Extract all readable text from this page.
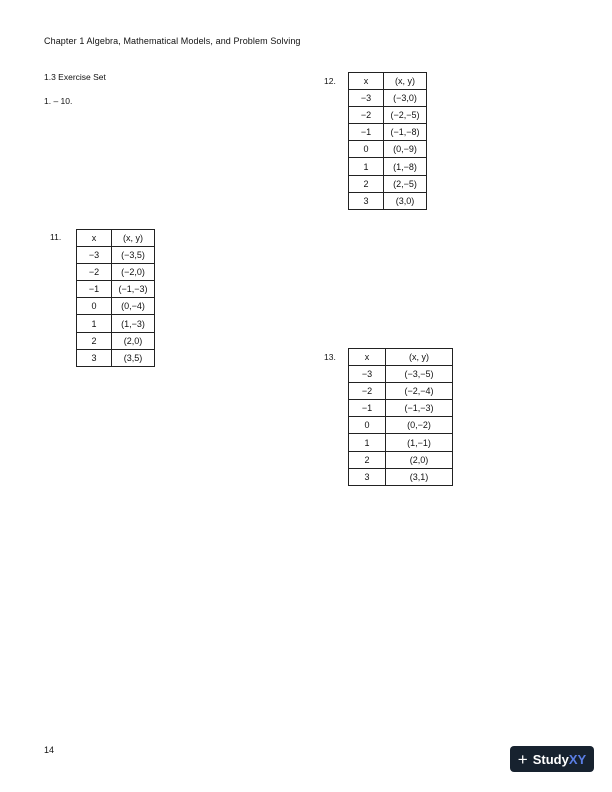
Chapter 1 Algebra, Mathematical Models, and Problem Solving
1.3 Exercise Set
1. – 10.
11.	x	(x, y)
−3	(−3,5)
−2	(−2,0)
−1	(−1,−3)
0	(0,−4)
1	(1,−3)
2	(2,0)
3	(3,5)
12.	x	(x, y)
−3	(−3,0)
−2	(−2,−5)
−1	(−1,−8)
0	(0,−9)
1	(1,−8)
2	(2,−5)
3	(3,0)
13.	x	(x, y)
−3	(−3,−5)
−2	(−2,−4)
−1	(−1,−3)
0	(0,−2)
1	(1,−1)
2	(2,0)
3	(3,1)
14	+ Study XY
